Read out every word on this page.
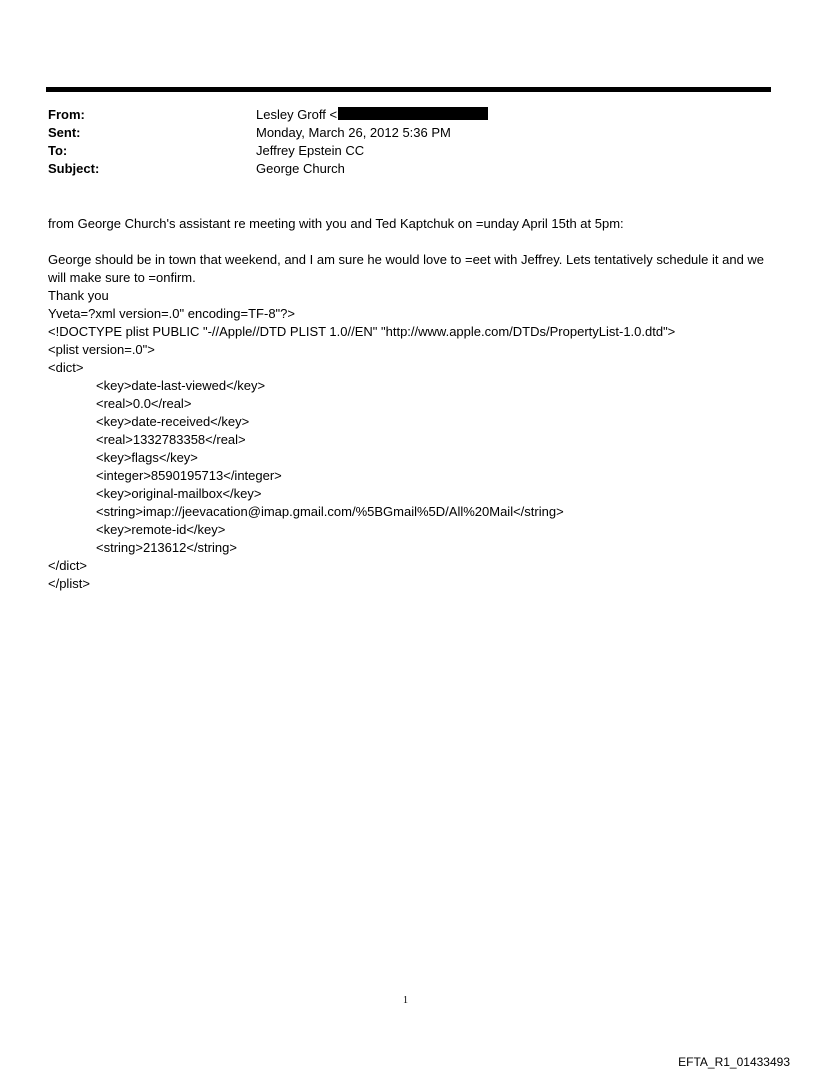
From:	Lesley Groff <
Sent:	Monday, March 26, 2012 5:36 PM
To:	Jeffrey Epstein CC
Subject:	George Church

from George Church's assistant re meeting with you and Ted Kaptchuk on =unday April 15th at 5pm:

George should be in town that weekend, and I am sure he would love to =eet with Jeffrey. Lets tentatively schedule it and we will make sure to =onfirm.

Thank you

Yveta=?xml version=.0" encoding=TF-8"?>

<!DOCTYPE plist PUBLIC "-//Apple//DTD PLIST 1.0//EN" "http://www.apple.com/DTDs/PropertyList-1.0.dtd">

<plist version=.0">

<dict>

<key>date-last-viewed</key>

<real>0.0</real>

<key>date-received</key>

<real>1332783358</real>

<key>flags</key>

<integer>8590195713</integer>

<key>original-mailbox</key>

<string>imap://jeevacation@imap.gmail.com/%5BGmail%5D/All%20Mail</string>

<key>remote-id</key>

<string>213612</string>

</dict>

</plist>

1
EFTA_R1_01433493
